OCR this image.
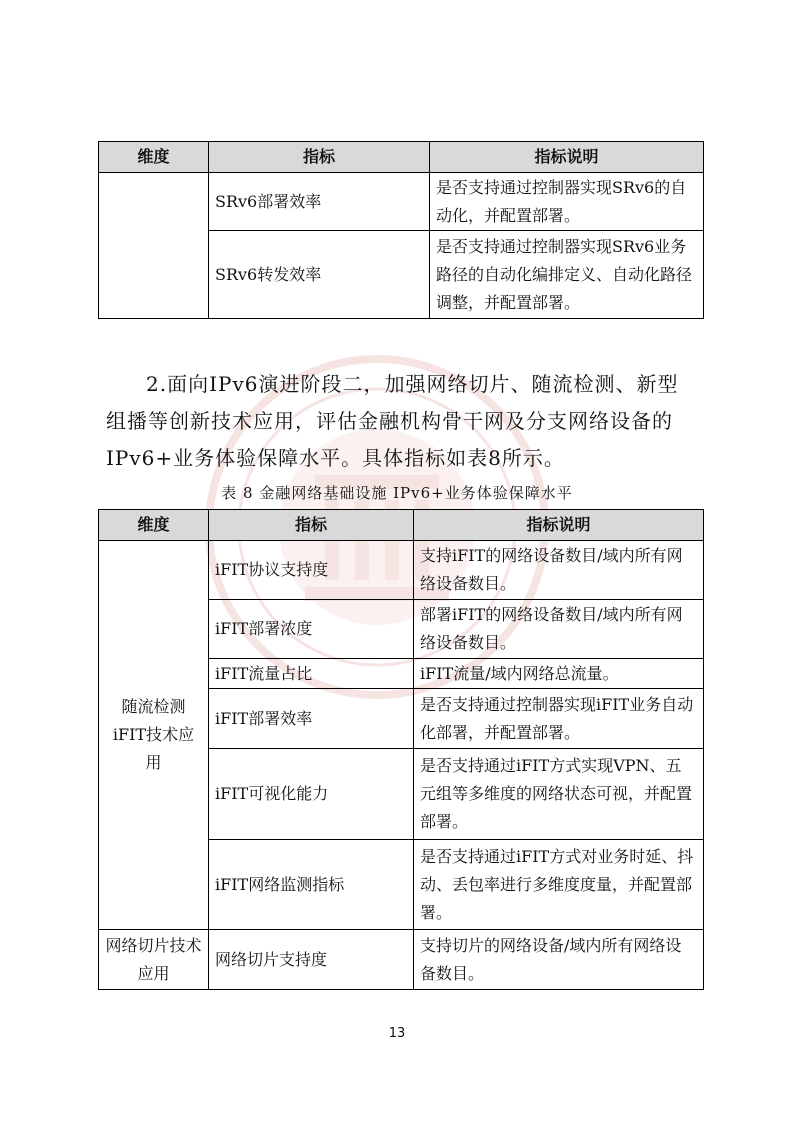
维度	指标	指标说明
	SRv6部署效率	是否支持通过控制器实现SRv6的自动化，并配置部署。
	SRv6转发效率	是否支持通过控制器实现SRv6业务路径的自动化编排定义、自动化路径调整，并配置部署。
2.面向IPv6演进阶段二，加强网络切片、随流检测、新型组播等创新技术应用，评估金融机构骨干网及分支网络设备的IPv6+业务体验保障水平。具体指标如表8所示。
表 8 金融网络基础设施 IPv6+业务体验保障水平
维度	指标	指标说明
随流检测iFIT技术应用	iFIT协议支持度	支持iFIT的网络设备数目/域内所有网络设备数目。
	iFIT部署浓度	部署iFIT的网络设备数目/域内所有网络设备数目。
	iFIT流量占比	iFIT流量/域内网络总流量。
	iFIT部署效率	是否支持通过控制器实现iFIT业务自动化部署，并配置部署。
	iFIT可视化能力	是否支持通过iFIT方式实现VPN、五元组等多维度的网络状态可视，并配置部署。
	iFIT网络监测指标	是否支持通过iFIT方式对业务时延、抖动、丢包率进行多维度度量，并配置部署。
网络切片技术应用	网络切片支持度	支持切片的网络设备/域内所有网络设备数目。
13
